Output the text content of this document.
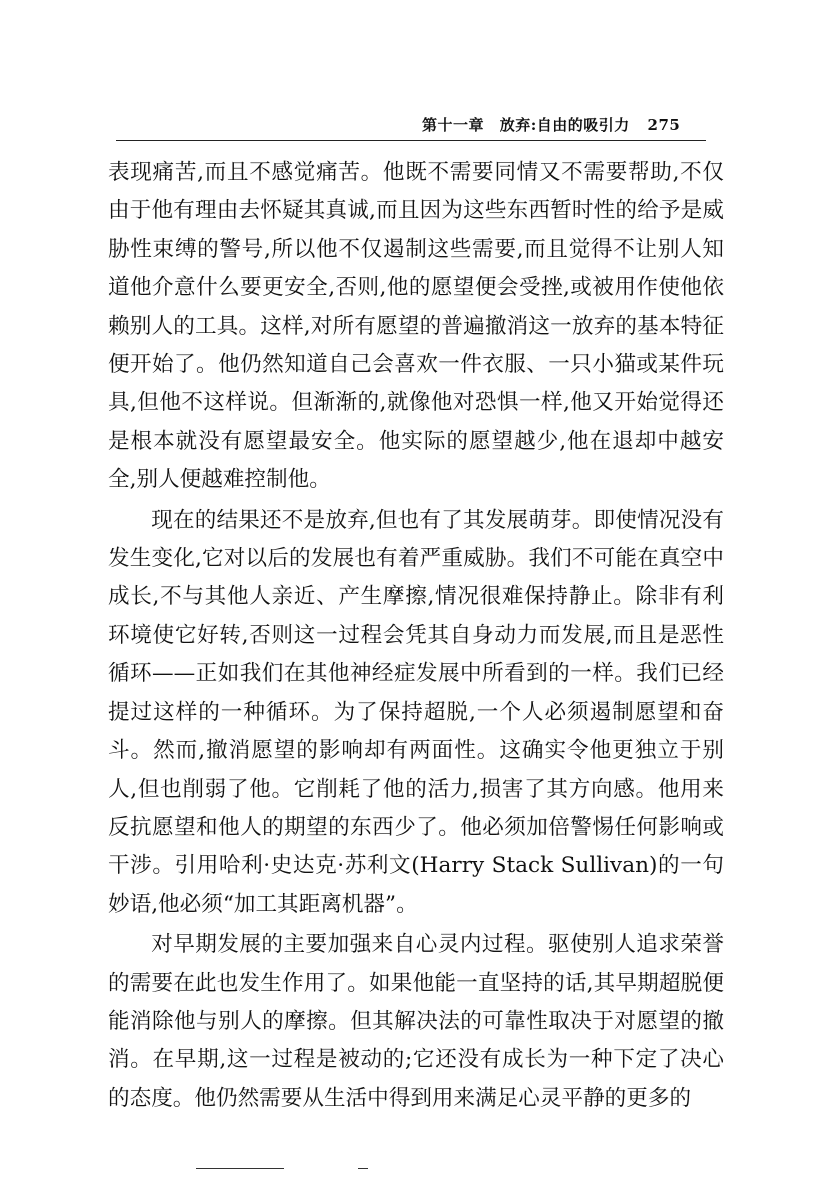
第十一章 放弃:自由的吸引力 275

表现痛苦,而且不感觉痛苦。他既不需要同情又不需要帮助,不仅由于他有理由去怀疑其真诚,而且因为这些东西暂时性的给予是威胁性束缚的警号,所以他不仅遏制这些需要,而且觉得不让别人知道他介意什么要更安全,否则,他的愿望便会受挫,或被用作使他依赖别人的工具。这样,对所有愿望的普遍撤消这一放弃的基本特征便开始了。他仍然知道自己会喜欢一件衣服、一只小猫或某件玩具,但他不这样说。但渐渐的,就像他对恐惧一样,他又开始觉得还是根本就没有愿望最安全。他实际的愿望越少,他在退却中越安全,别人便越难控制他。

现在的结果还不是放弃,但也有了其发展萌芽。即使情况没有发生变化,它对以后的发展也有着严重威胁。我们不可能在真空中成长,不与其他人亲近、产生摩擦,情况很难保持静止。除非有利环境使它好转,否则这一过程会凭其自身动力而发展,而且是恶性循环——正如我们在其他神经症发展中所看到的一样。我们已经提过这样的一种循环。为了保持超脱,一个人必须遏制愿望和奋斗。然而,撤消愿望的影响却有两面性。这确实令他更独立于别人,但也削弱了他。它削耗了他的活力,损害了其方向感。他用来反抗愿望和他人的期望的东西少了。他必须加倍警惕任何影响或干涉。引用哈利·史达克·苏利文(Harry Stack Sullivan)的一句妙语,他必须“加工其距离机器”。

对早期发展的主要加强来自心灵内过程。驱使别人追求荣誉的需要在此也发生作用了。如果他能一直坚持的话,其早期超脱便能消除他与别人的摩擦。但其解决法的可靠性取决于对愿望的撤消。在早期,这一过程是被动的;它还没有成长为一种下定了决心的态度。他仍然需要从生活中得到用来满足心灵平静的更多的
